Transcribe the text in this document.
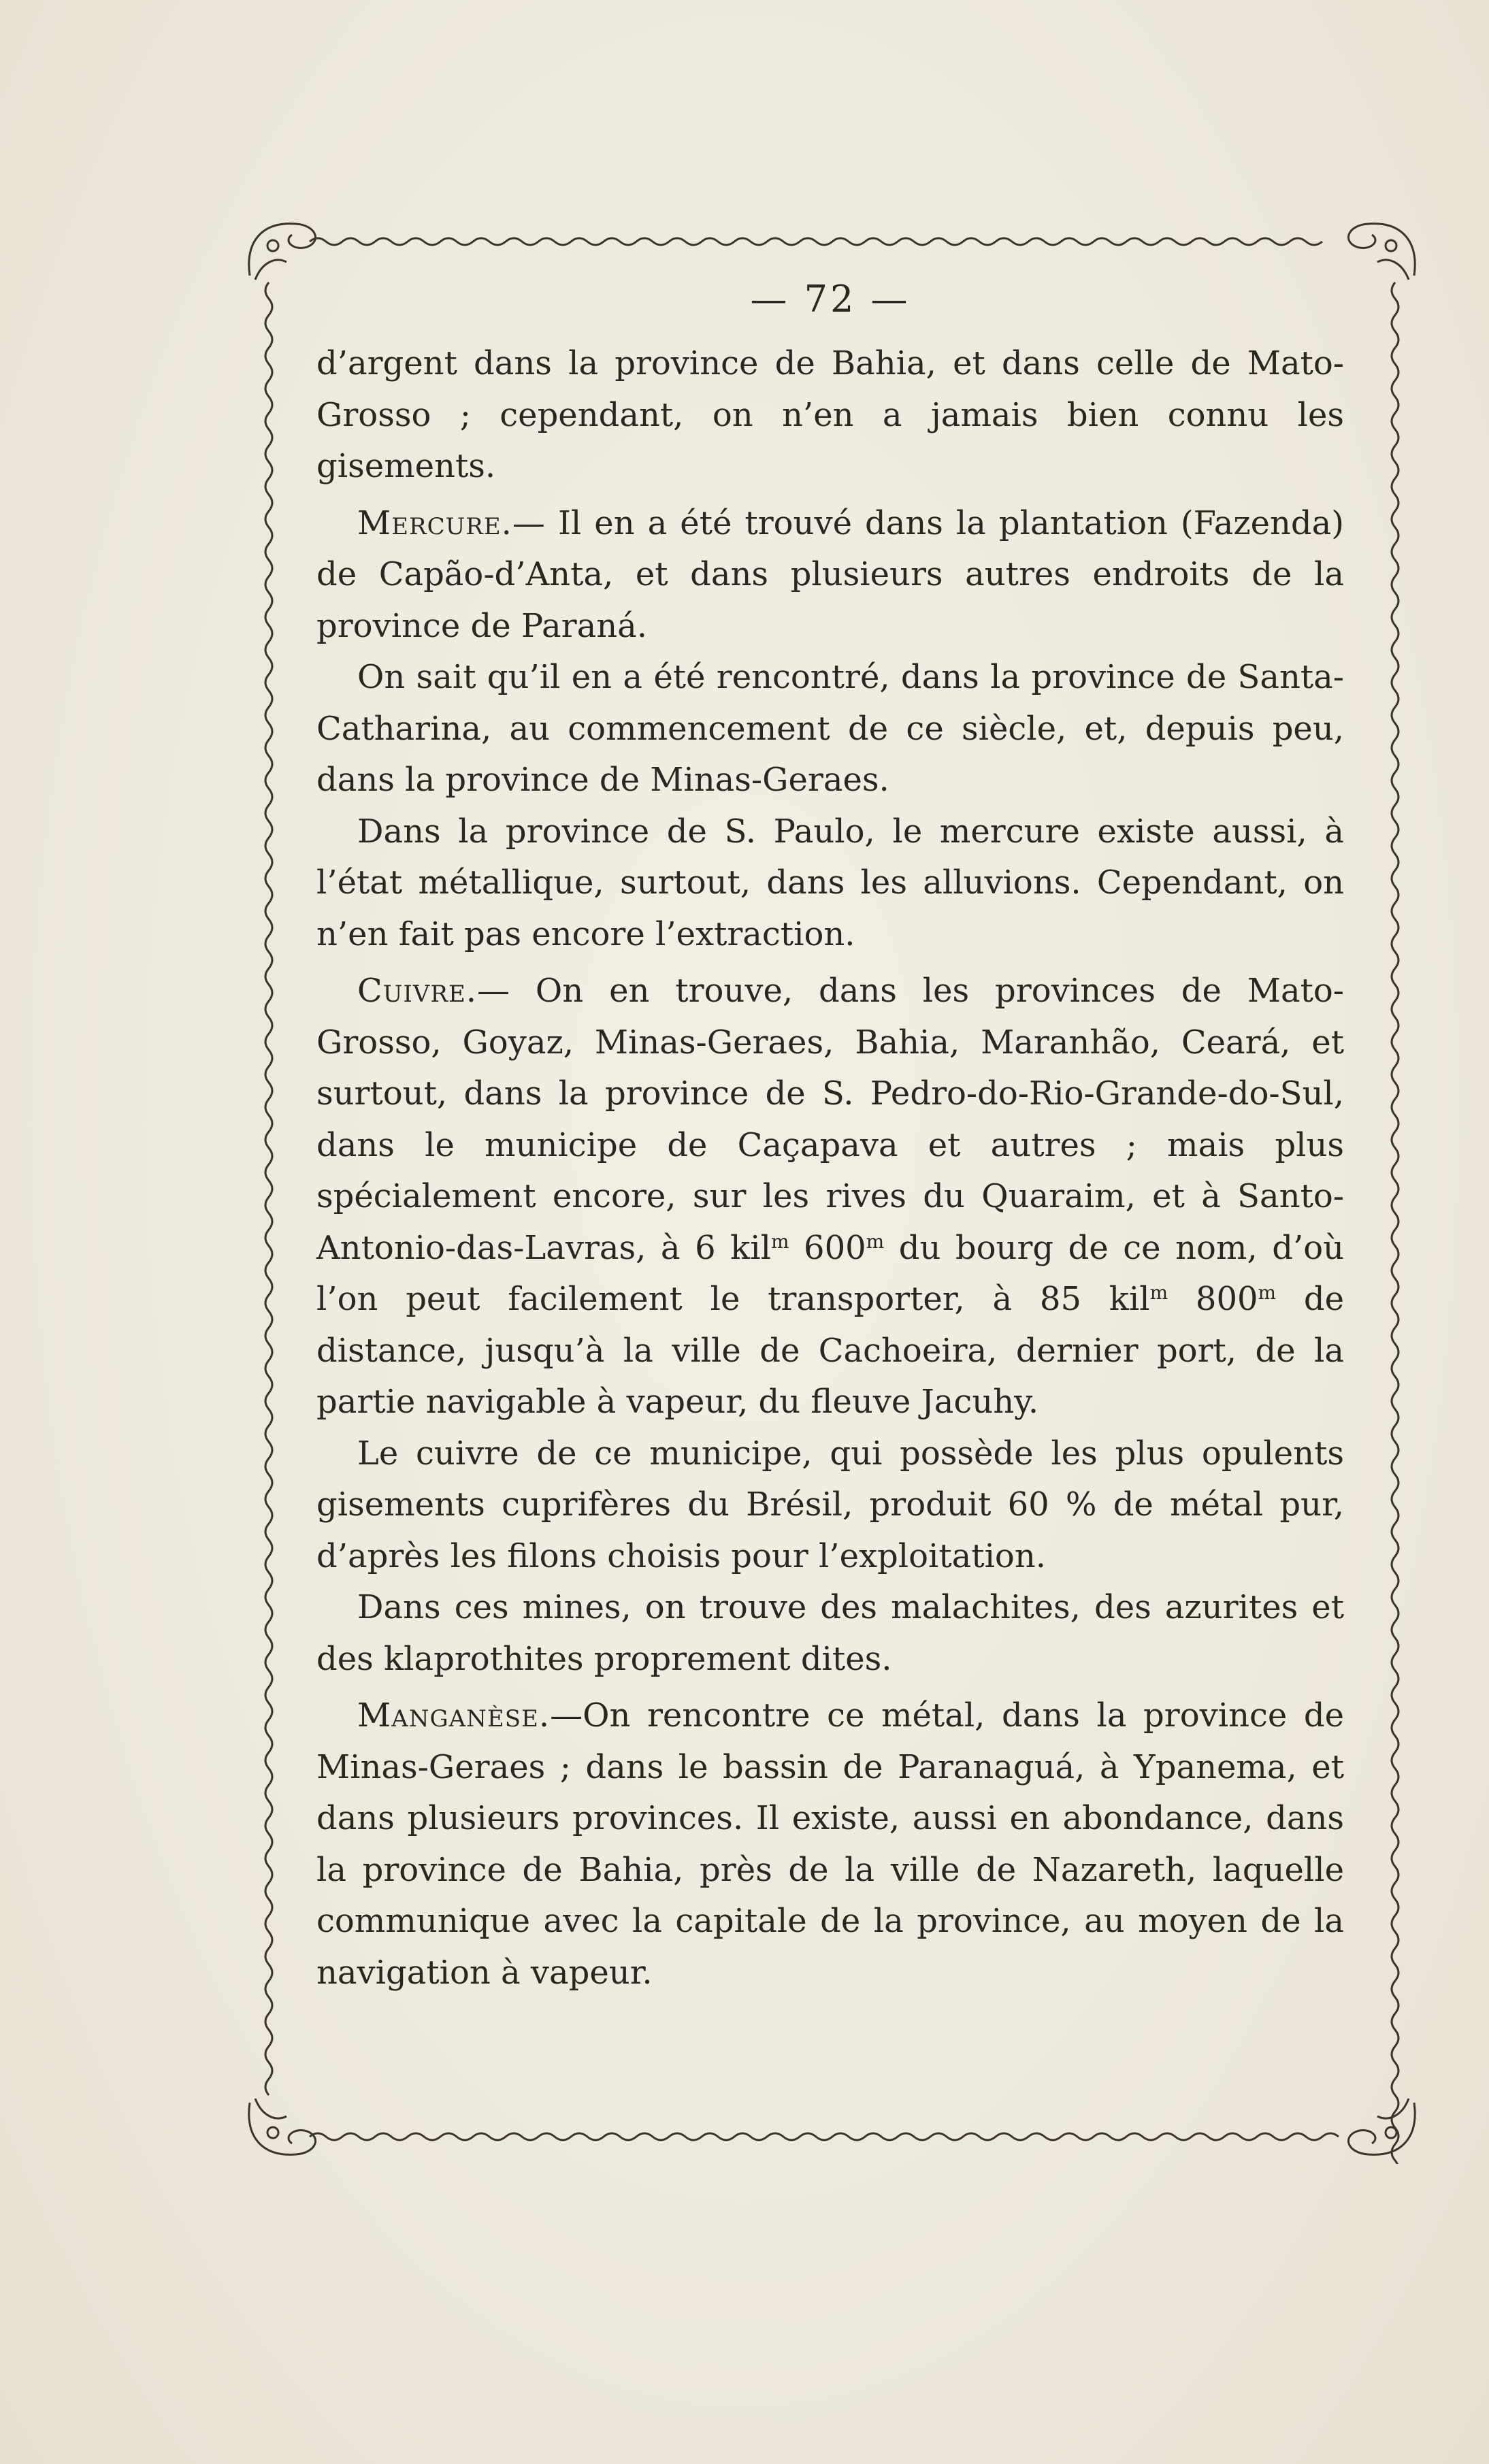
— 72 —

d’argent dans la province de Bahia, et dans celle de Mato-Grosso ; cependant, on n’en a jamais bien connu les gisements.

Mercure.— Il en a été trouvé dans la plantation (Fazenda) de Capão-d’Anta, et dans plusieurs autres endroits de la province de Paraná.

On sait qu’il en a été rencontré, dans la province de Santa-Catharina, au commencement de ce siècle, et, depuis peu, dans la province de Minas-Geraes.

Dans la province de S. Paulo, le mercure existe aussi, à l’état métallique, surtout, dans les alluvions. Cependant, on n’en fait pas encore l’extraction.

Cuivre.— On en trouve, dans les provinces de Mato-Grosso, Goyaz, Minas-Geraes, Bahia, Maranhão, Ceará, et surtout, dans la province de S. Pedro-do-Rio-Grande-do-Sul, dans le municipe de Caçapava et autres ; mais plus spécialement encore, sur les rives du Quaraim, et à Santo-Antonio-das-Lavras, à 6 kil$^m$ 600$^m$ du bourg de ce nom, d’où l’on peut facilement le transporter, à 85 kil$^m$ 800$^m$ de distance, jusqu’à la ville de Cachoeira, dernier port, de la partie navigable à vapeur, du fleuve Jacuhy.

Le cuivre de ce municipe, qui possède les plus opulents gisements cuprifères du Brésil, produit 60 % de métal pur, d’après les filons choisis pour l’exploitation.

Dans ces mines, on trouve des malachites, des azurites et des klaprothites proprement dites.

Manganèse.—On rencontre ce métal, dans la province de Minas-Geraes ; dans le bassin de Paranaguá, à Ypanema, et dans plusieurs provinces. Il existe, aussi en abondance, dans la province de Bahia, près de la ville de Nazareth, laquelle communique avec la capitale de la province, au moyen de la navigation à vapeur.
